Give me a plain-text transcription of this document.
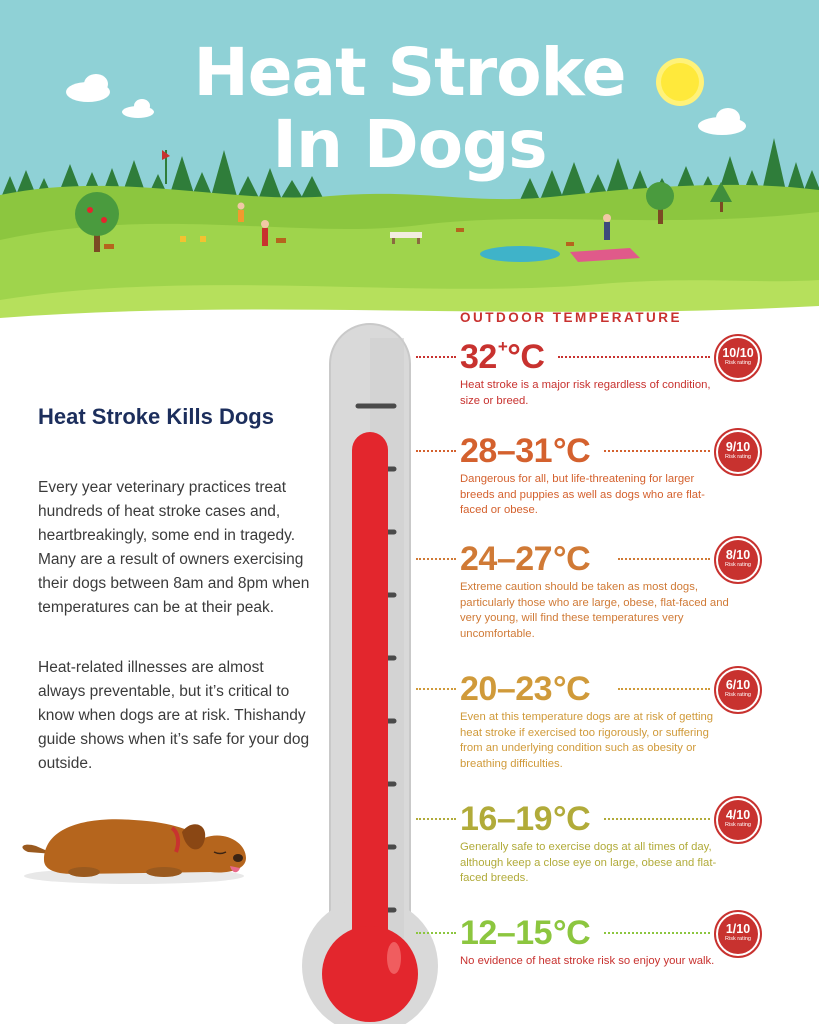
Heat Stroke
In Dogs
OUTDOOR TEMPERATURE
Heat Stroke Kills Dogs
Every year veterinary practices treat hundreds of heat stroke cases and, heartbreakingly, some end in tragedy. Many are a result of owners exercising their dogs between 8am and 8pm when temperatures can be at their peak.
Heat-related illnesses are almost always preventable, but it’s critical to know when dogs are at risk. Thishandy guide shows when it’s safe for your dog outside.
32+°C
Heat stroke is a major risk regardless of condition, size or breed.
10/10
Risk rating
28–31°C
Dangerous for all, but life-threatening for larger breeds and puppies as well as dogs who are flat-faced or obese.
9/10
Risk rating
24–27°C
Extreme caution should be taken as most dogs, particularly those who are large, obese, flat-faced and very young, will find these temperatures very uncomfortable.
8/10
Risk rating
20–23°C
Even at this temperature dogs are at risk of getting heat stroke if exercised too rigorously, or suffering from an underlying condition such as obesity or breathing difficulties.
6/10
Risk rating
16–19°C
Generally safe to exercise dogs at all times of day, although keep a close eye on large, obese and flat-faced breeds.
4/10
Risk rating
12–15°C
No evidence of heat stroke risk so enjoy your walk.
1/10
Risk rating
